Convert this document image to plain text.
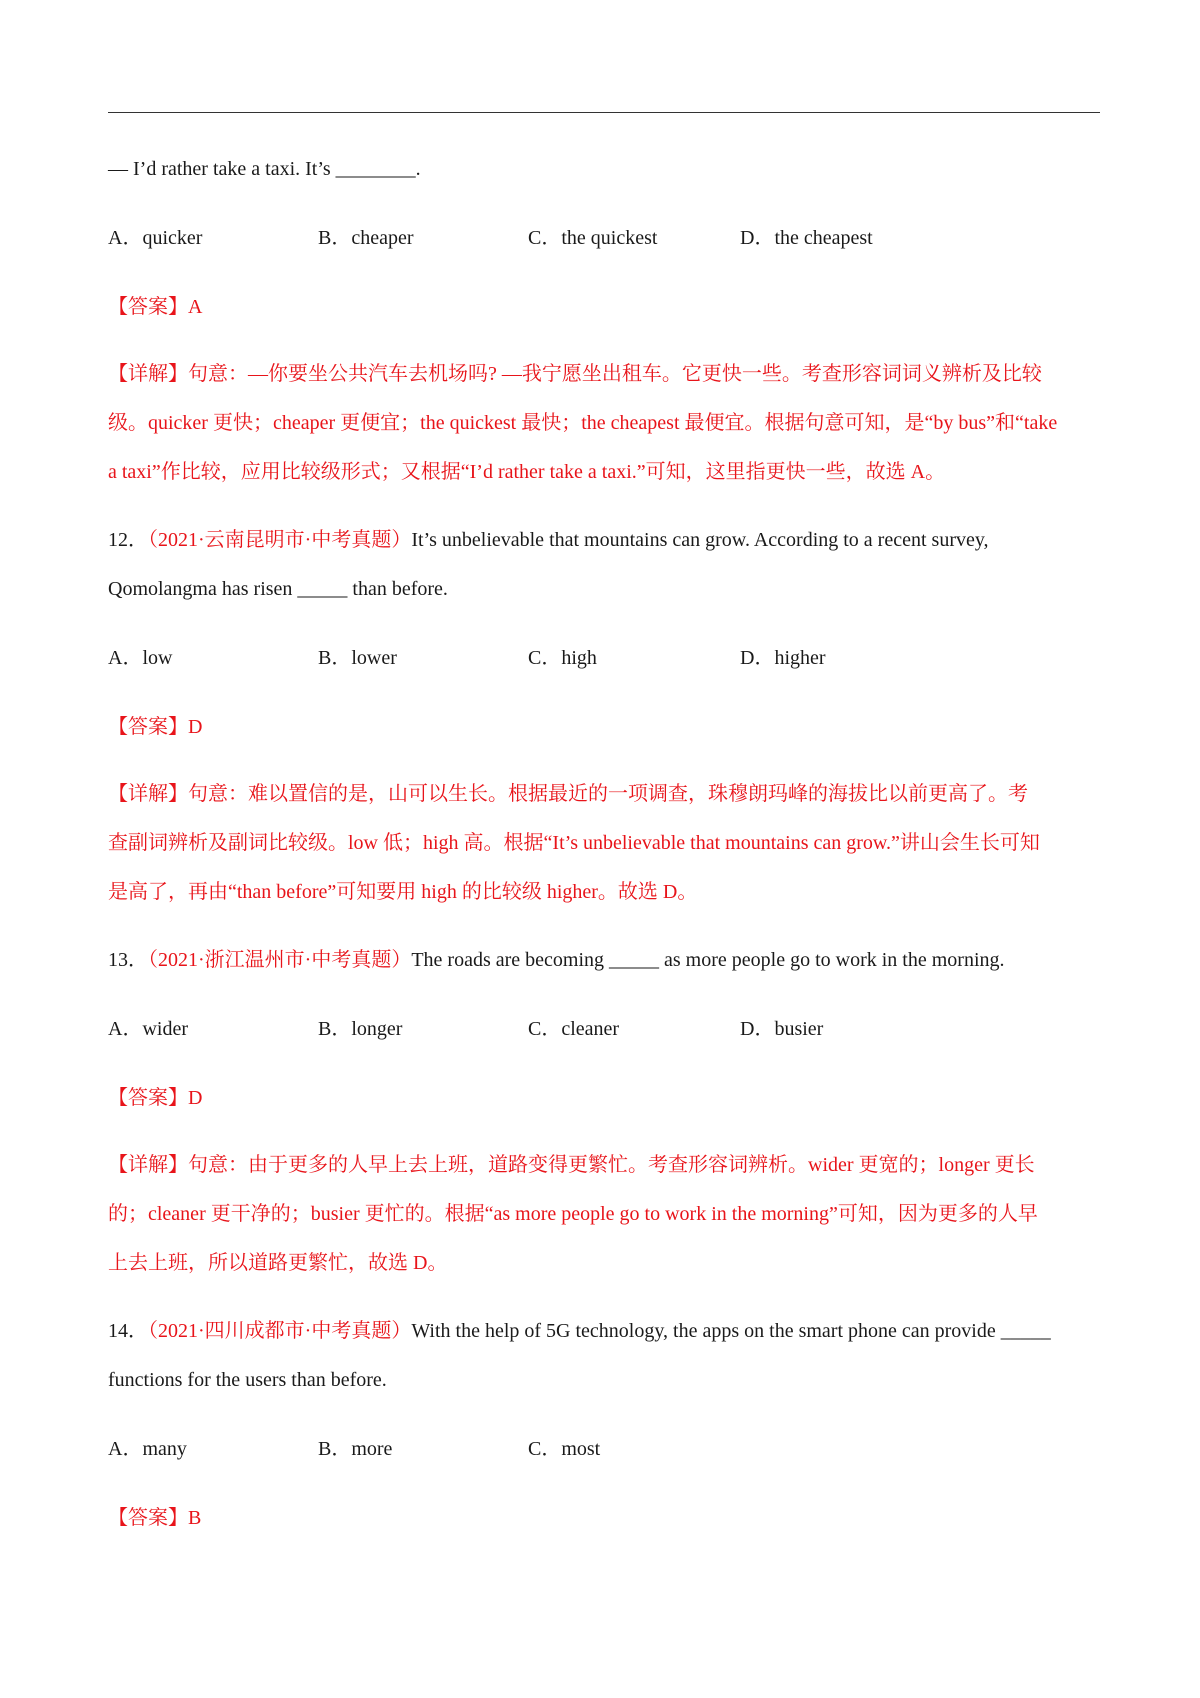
— I’d rather take a taxi. It’s ________.
A．quicker	B．cheaper	C．the quickest	D．the cheapest
【答案】A
【详解】句意：—你要坐公共汽车去机场吗? —我宁愿坐出租车。它更快一些。考查形容词词义辨析及比较
级。quicker 更快；cheaper 更便宜；the quickest 最快；the cheapest 最便宜。根据句意可知，是“by bus”和“take
a taxi”作比较，应用比较级形式；又根据“I’d rather take a taxi.”可知，这里指更快一些，故选 A。
12．（2021·云南昆明市·中考真题）It’s unbelievable that mountains can grow. According to a recent survey,
Qomolangma has risen _____ than before.
A．low	B．lower	C．high	D．higher
【答案】D
【详解】句意：难以置信的是，山可以生长。根据最近的一项调查，珠穆朗玛峰的海拔比以前更高了。考
查副词辨析及副词比较级。low 低；high 高。根据“It’s unbelievable that mountains can grow.”讲山会生长可知
是高了，再由“than before”可知要用 high 的比较级 higher。故选 D。
13．（2021·浙江温州市·中考真题）The roads are becoming _____ as more people go to work in the morning.
A．wider	B．longer	C．cleaner	D．busier
【答案】D
【详解】句意：由于更多的人早上去上班，道路变得更繁忙。考查形容词辨析。wider 更宽的；longer 更长
的；cleaner 更干净的；busier 更忙的。根据“as more people go to work in the morning”可知，因为更多的人早
上去上班，所以道路更繁忙，故选 D。
14．（2021·四川成都市·中考真题）With the help of 5G technology, the apps on the smart phone can provide _____
functions for the users than before.
A．many	B．more	C．most
【答案】B
